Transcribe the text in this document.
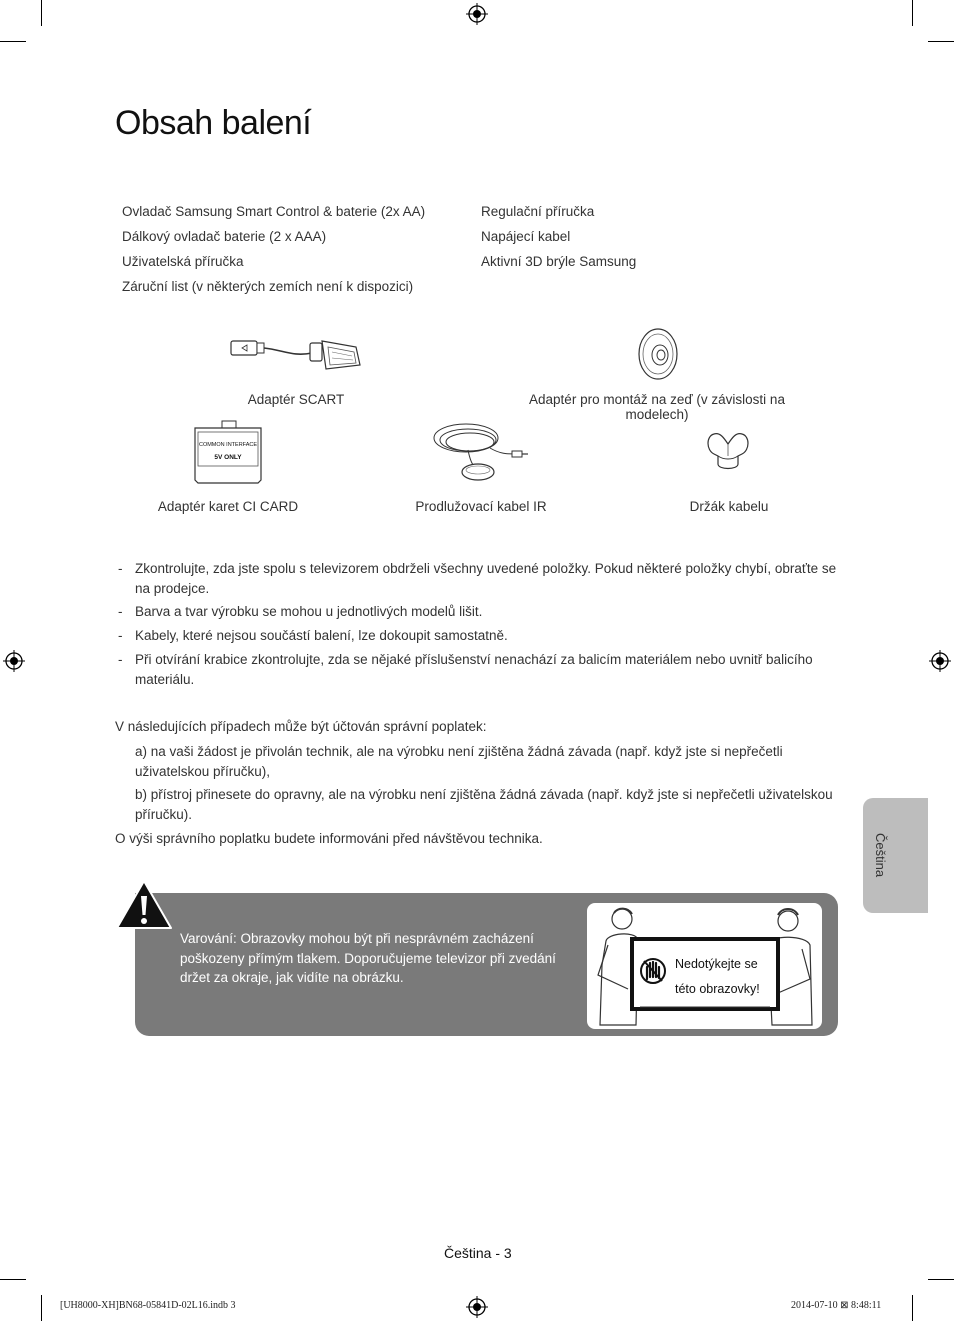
Obsah balení
Ovladač Samsung Smart Control & baterie (2x AA)
Dálkový ovladač baterie (2 x AAA)
Uživatelská příručka
Záruční list (v některých zemích není k dispozici)
Regulační příručka
Napájecí kabel
Aktivní 3D brýle Samsung
Adaptér SCART	Adaptér pro montáž na zeď (v závislosti na modelech)
COMMON INTERFACE
5V ONLY
Adaptér karet CI CARD	Prodlužovací kabel IR	Držák kabelu
- Zkontrolujte, zda jste spolu s televizorem obdrželi všechny uvedené položky. Pokud některé položky chybí, obraťte se na prodejce.
- Barva a tvar výrobku se mohou u jednotlivých modelů lišit.
- Kabely, které nejsou součástí balení, lze dokoupit samostatně.
- Při otvírání krabice zkontrolujte, zda se nějaké příslušenství nenachází za balicím materiálem nebo uvnitř balicího materiálu.
V následujících případech může být účtován správní poplatek:
a) na vaši žádost je přivolán technik, ale na výrobku není zjištěna žádná závada (např. když jste si nepřečetli uživatelskou příručku),
b) přístroj přinesete do opravny, ale na výrobku není zjištěna žádná závada (např. když jste si nepřečetli uživatelskou příručku).
O výši správního poplatku budete informováni před návštěvou technika.
Varování: Obrazovky mohou být při nesprávném zacházení poškozeny přímým tlakem. Doporučujeme televizor při zvedání držet za okraje, jak vidíte na obrázku.
Nedotýkejte se
této obrazovky!
Čeština
Čeština - 3
[UH8000-XH]BN68-05841D-02L16.indb 3	2014-07-10 ⊠ 8:48:11
